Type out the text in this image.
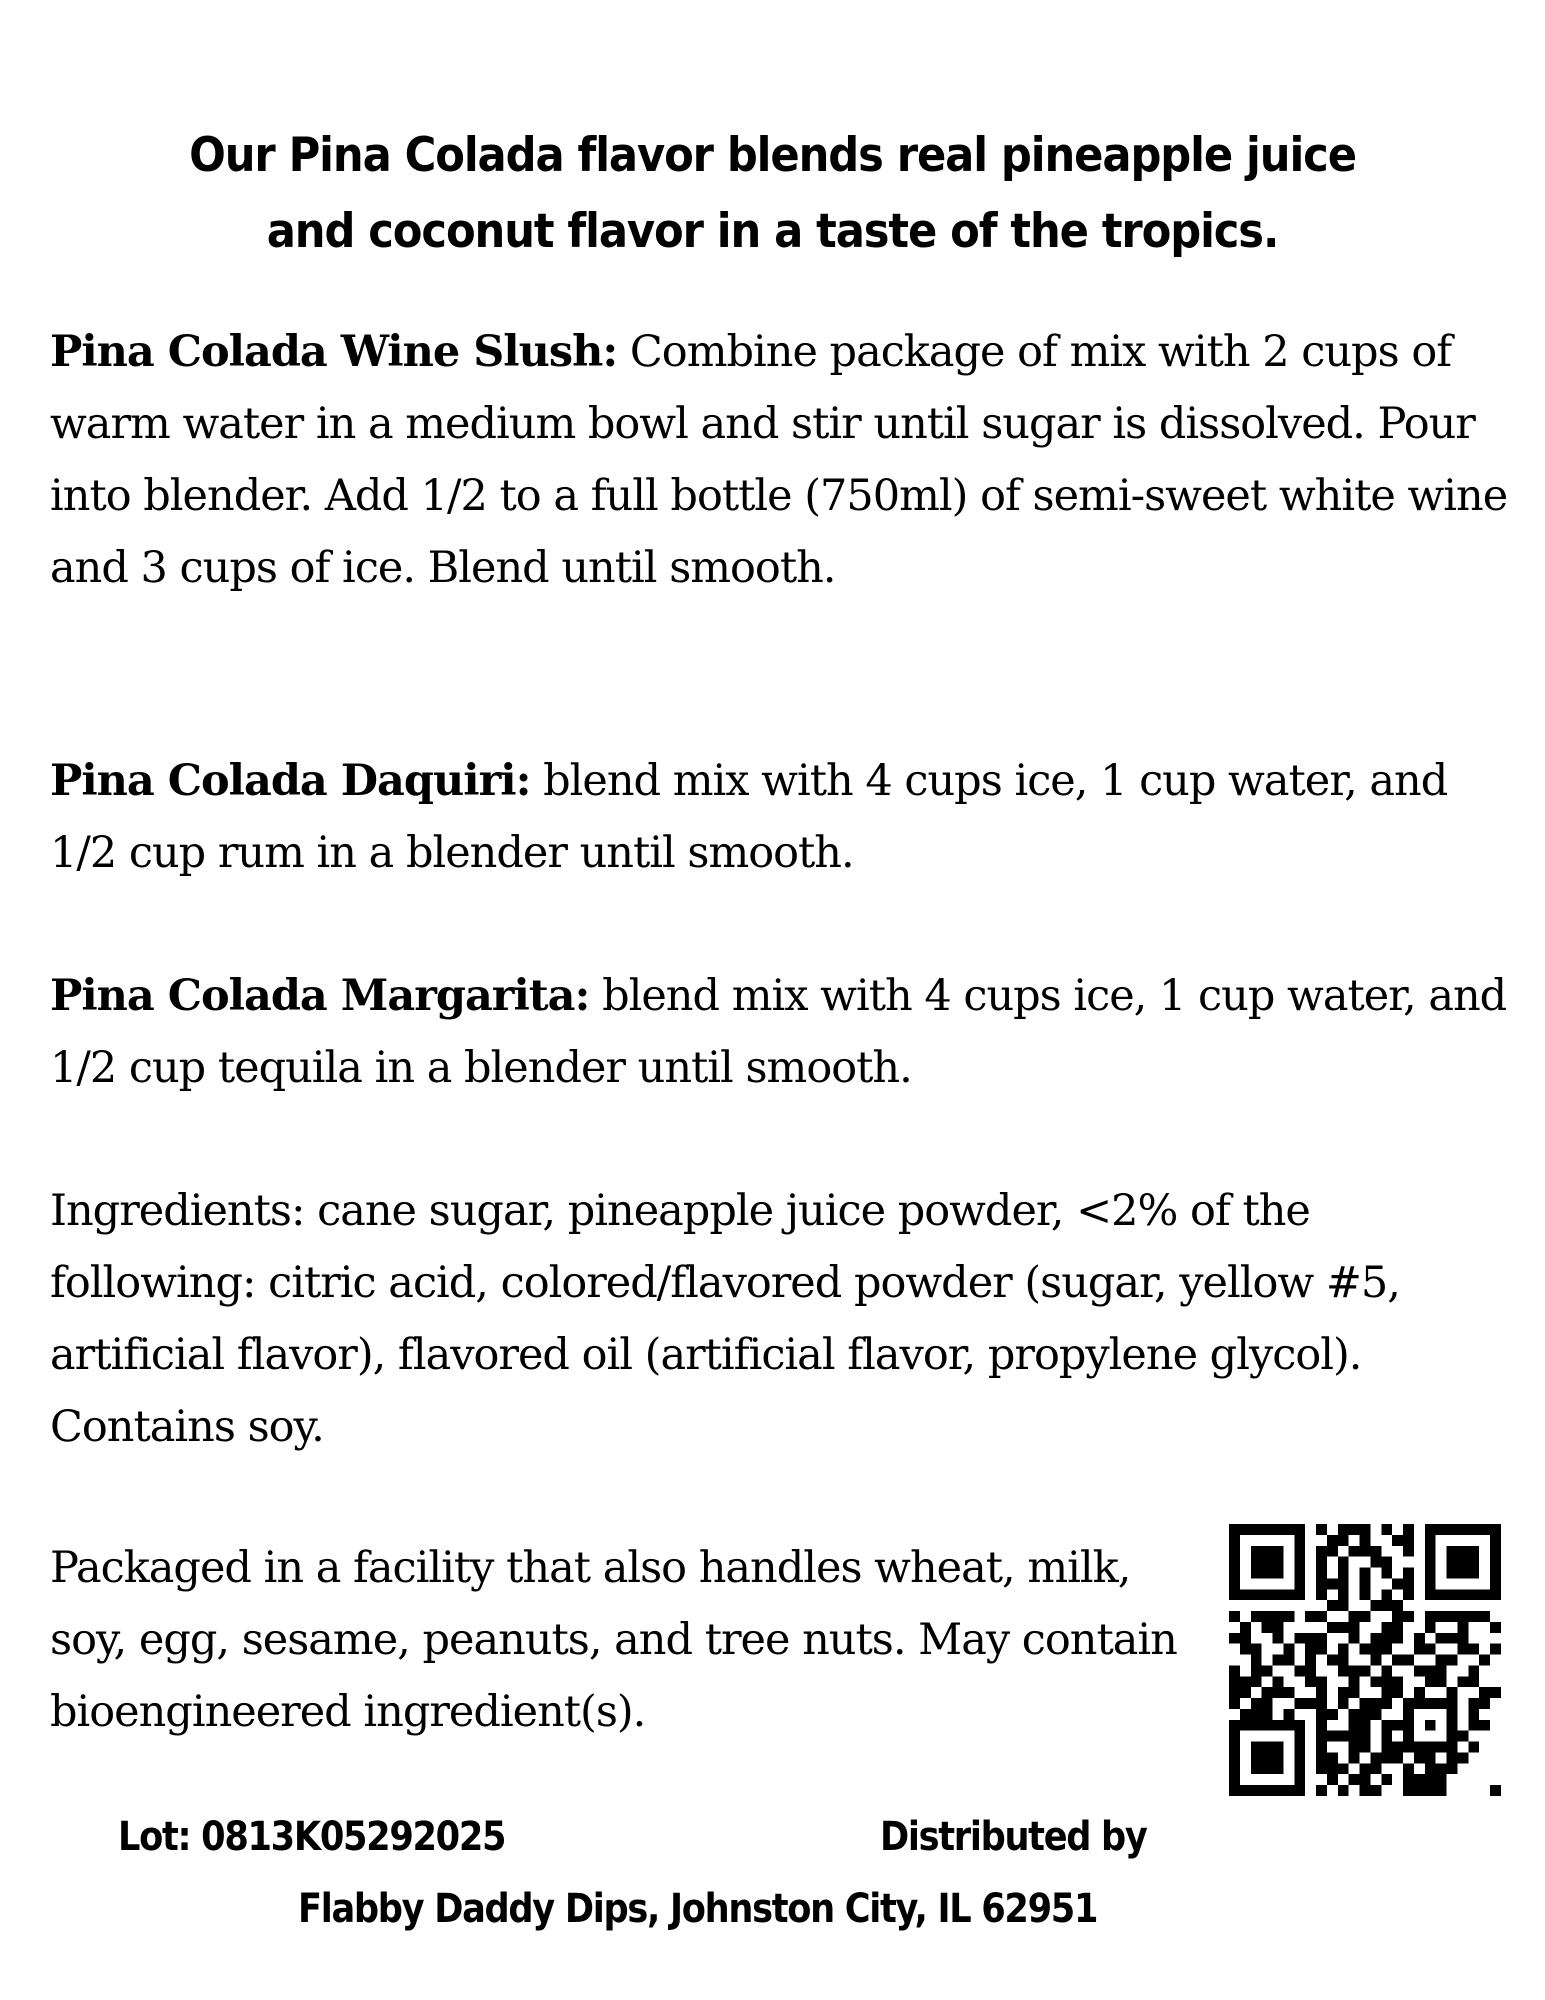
Our Pina Colada flavor blends real pineapple juice
and coconut flavor in a taste of the tropics.
Pina Colada Wine Slush: Combine package of mix with 2 cups of warm water in a medium bowl and stir until sugar is dissolved. Pour into blender. Add 1/2 to a full bottle (750ml) of semi-sweet white wine and 3 cups of ice. Blend until smooth.
Pina Colada Daquiri: blend mix with 4 cups ice, 1 cup water, and 1/2 cup rum in a blender until smooth.
Pina Colada Margarita: blend mix with 4 cups ice, 1 cup water, and 1/2 cup tequila in a blender until smooth.
Ingredients: cane sugar, pineapple juice powder, <2% of the following: citric acid, colored/flavored powder (sugar, yellow #5, artificial flavor), flavored oil (artificial flavor, propylene glycol). Contains soy.
Packaged in a facility that also handles wheat, milk, soy, egg, sesame, peanuts, and tree nuts. May contain bioengineered ingredient(s).
Lot: 0813K05292025	Distributed by
Flabby Daddy Dips, Johnston City, IL 62951
